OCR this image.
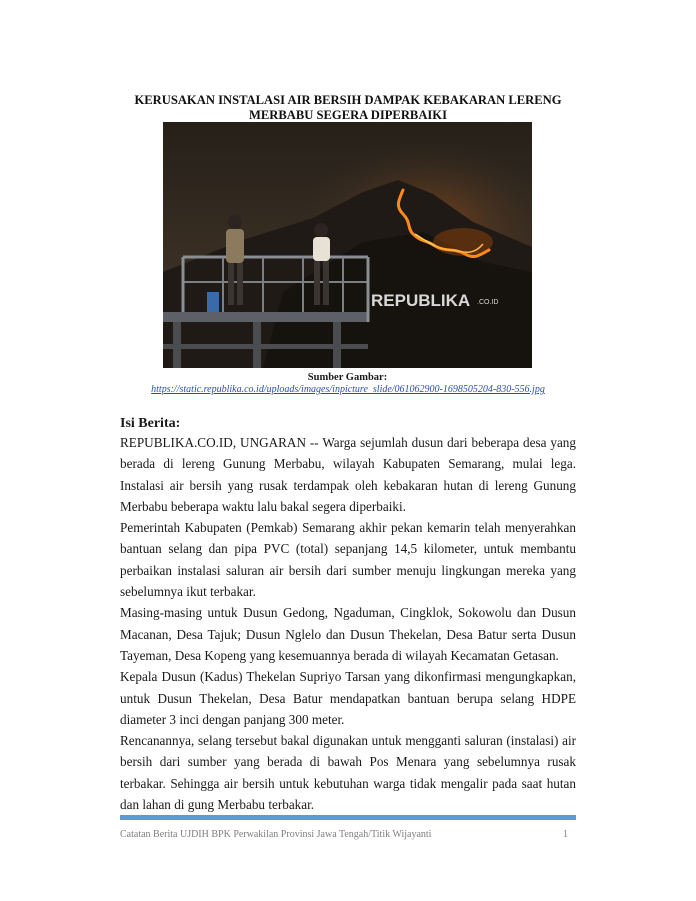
KERUSAKAN INSTALASI AIR BERSIH DAMPAK KEBAKARAN LERENG
MERBABU SEGERA DIPERBAIKI
REPUBLIKA .CO.ID
Sumber Gambar:
https://static.republika.co.id/uploads/images/inpicture_slide/061062900-1698505204-830-556.jpg
Isi Berita:

REPUBLIKA.CO.ID, UNGARAN -- Warga sejumlah dusun dari beberapa desa yang berada di lereng Gunung Merbabu, wilayah Kabupaten Semarang, mulai lega. Instalasi air bersih yang rusak terdampak oleh kebakaran hutan di lereng Gunung Merbabu beberapa waktu lalu bakal segera diperbaiki.

Pemerintah Kabupaten (Pemkab) Semarang akhir pekan kemarin telah menyerahkan bantuan selang dan pipa PVC (total) sepanjang 14,5 kilometer, untuk membantu perbaikan instalasi saluran air bersih dari sumber menuju lingkungan mereka yang sebelumnya ikut terbakar.

Masing-masing untuk Dusun Gedong, Ngaduman, Cingklok, Sokowolu dan Dusun Macanan, Desa Tajuk; Dusun Nglelo dan Dusun Thekelan, Desa Batur serta Dusun Tayeman, Desa Kopeng yang kesemuannya berada di wilayah Kecamatan Getasan.

Kepala Dusun (Kadus) Thekelan Supriyo Tarsan yang dikonfirmasi mengungkapkan, untuk Dusun Thekelan, Desa Batur mendapatkan bantuan berupa selang HDPE diameter 3 inci dengan panjang 300 meter.

Rencanannya, selang tersebut bakal digunakan untuk mengganti saluran (instalasi) air bersih dari sumber yang berada di bawah Pos Menara yang sebelumnya rusak terbakar. Sehingga air bersih untuk kebutuhan warga tidak mengalir pada saat hutan dan lahan di gung Merbabu terbakar.

Catatan Berita UJDIH BPK Perwakilan Provinsi Jawa Tengah/Titik Wijayanti	1
